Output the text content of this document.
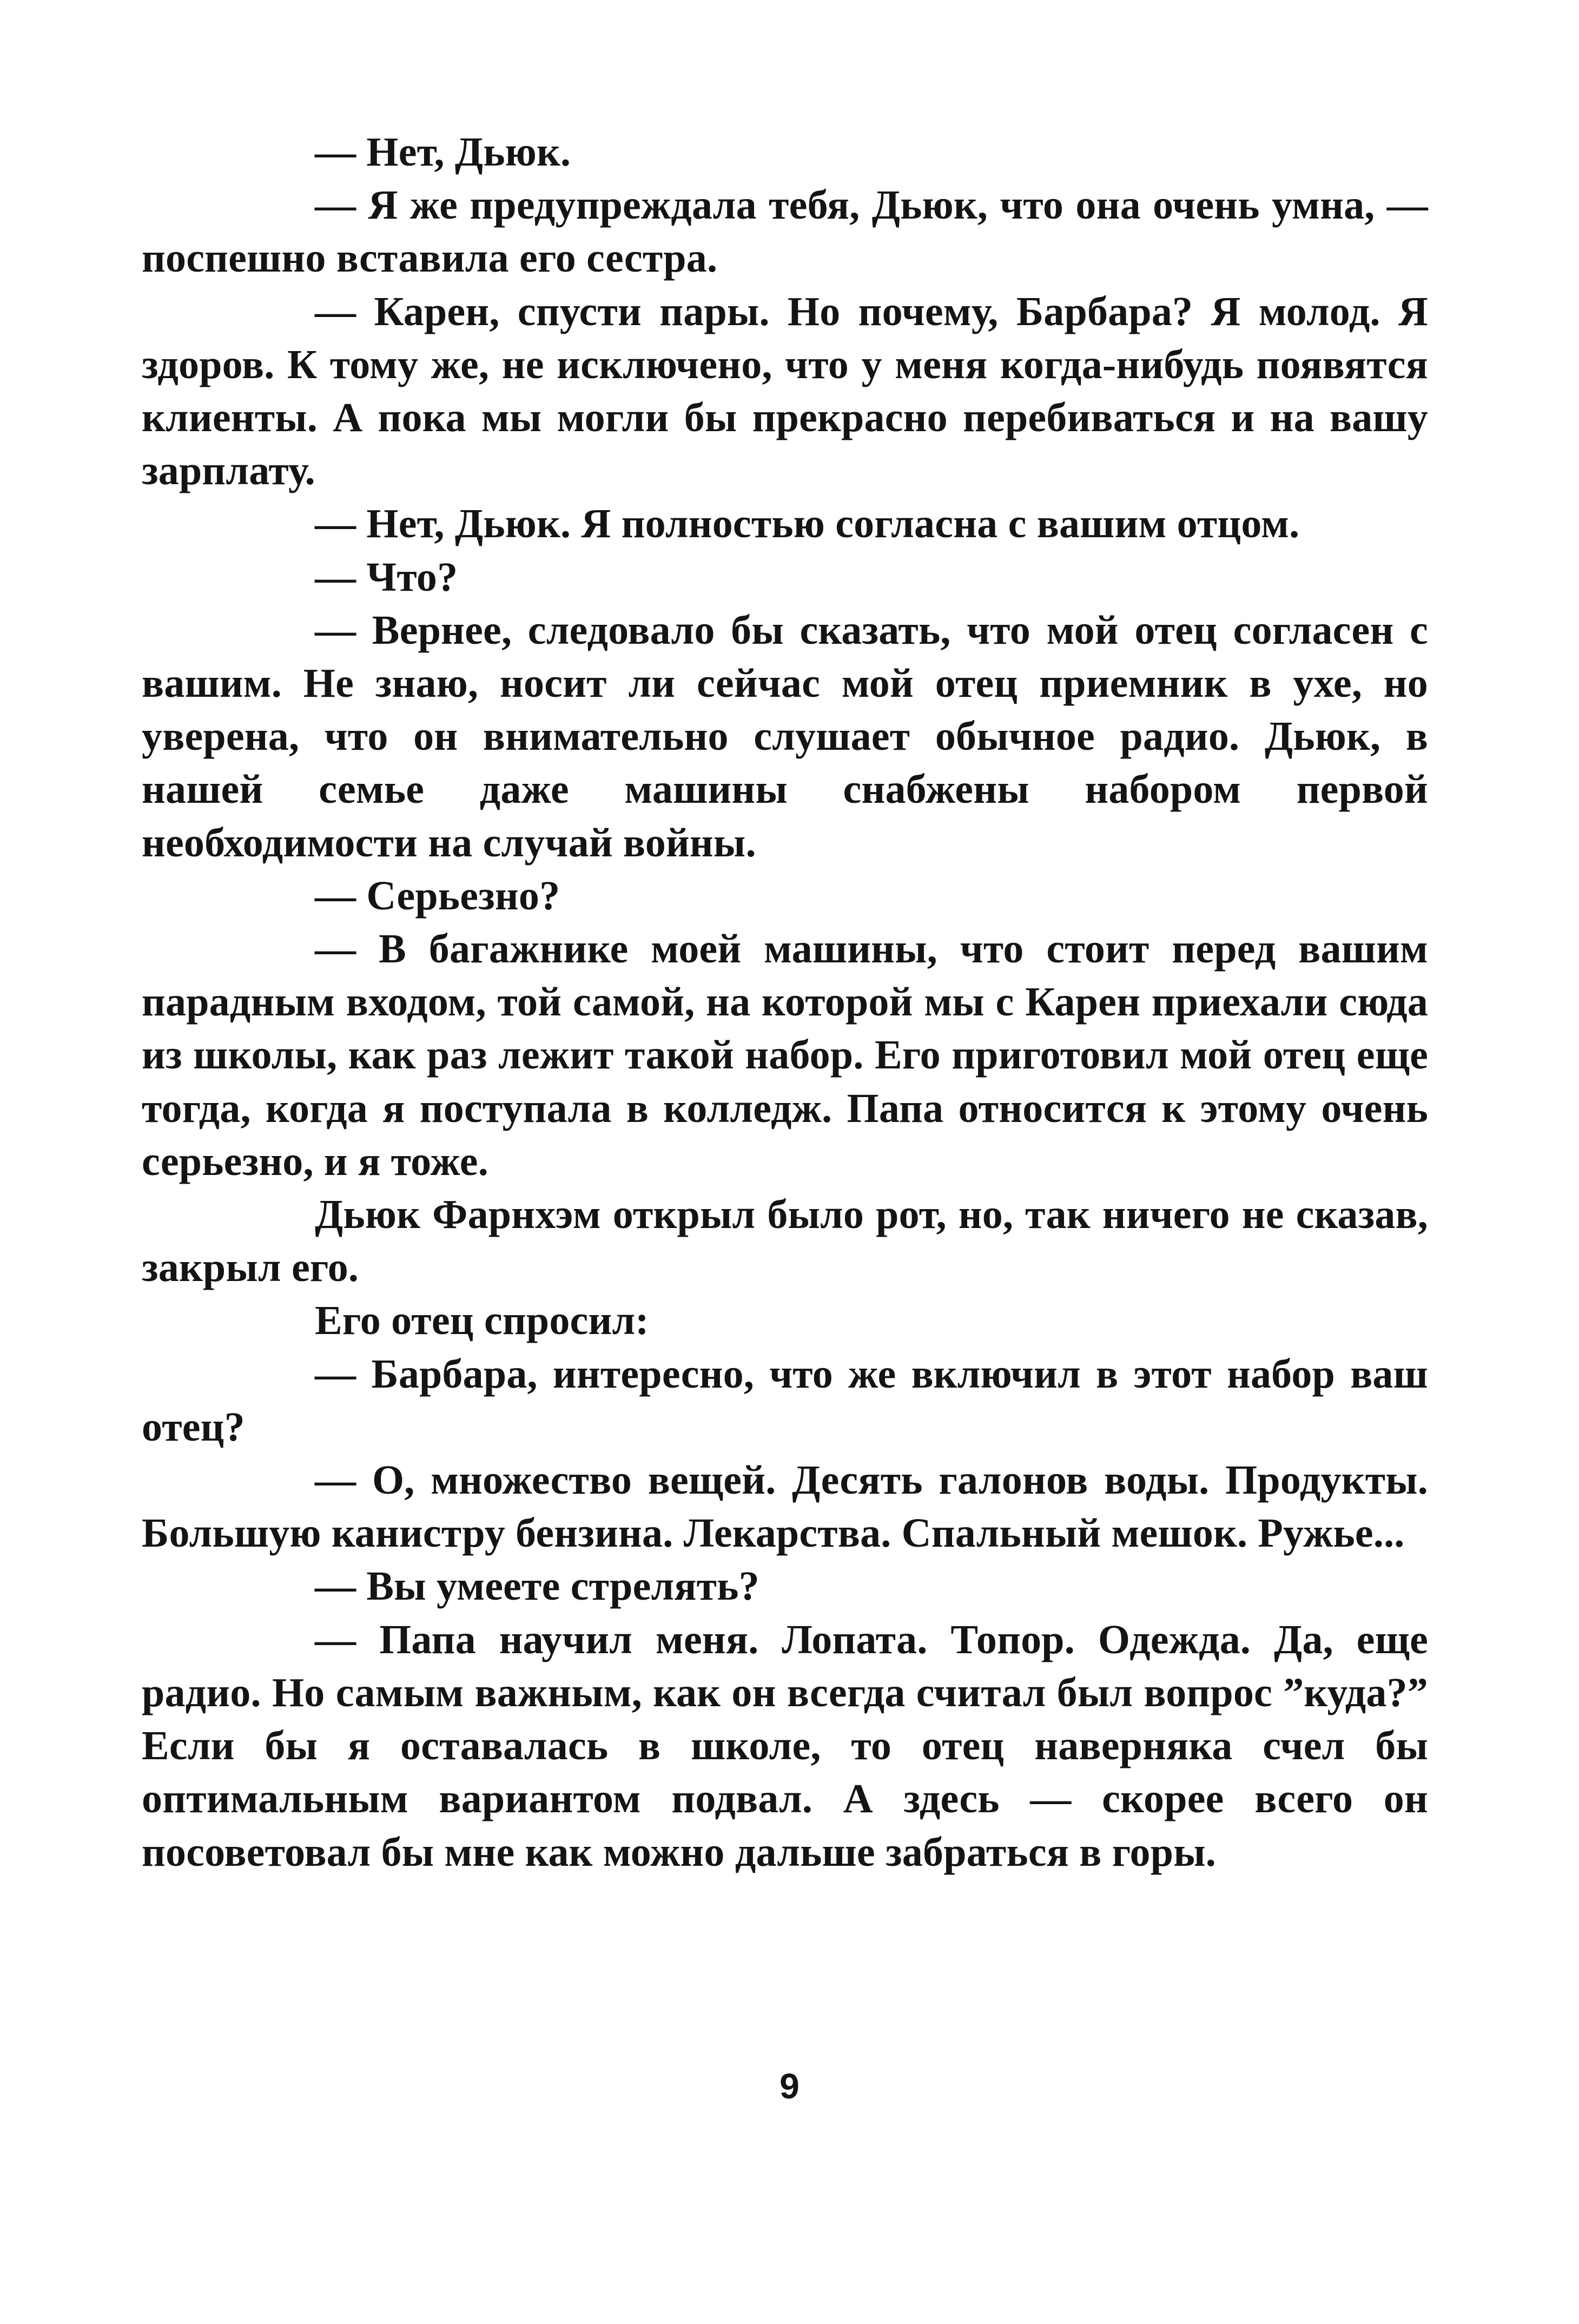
— Нет, Дьюк.

— Я же предупреждала тебя, Дьюк, что она очень умна, — поспешно вставила его сестра.

— Карен, спусти пары. Но почему, Барбара? Я молод. Я здоров. К тому же, не исключено, что у меня когда-нибудь появятся клиенты. А пока мы могли бы прекрасно перебиваться и на вашу зарплату.

— Нет, Дьюк. Я полностью согласна с вашим отцом.

— Что?

— Вернее, следовало бы сказать, что мой отец согласен с вашим. Не знаю, носит ли сейчас мой отец приемник в ухе, но уверена, что он внимательно слушает обычное радио. Дьюк, в нашей семье даже машины снабжены набором первой необходимости на случай войны.

— Серьезно?

— В багажнике моей машины, что стоит перед вашим парадным входом, той самой, на которой мы с Карен приехали сюда из школы, как раз лежит такой набор. Его приготовил мой отец еще тогда, когда я поступала в колледж. Папа относится к этому очень серьезно, и я тоже.

Дьюк Фарнхэм открыл было рот, но, так ничего не сказав, закрыл его.

Его отец спросил:

— Барбара, интересно, что же включил в этот набор ваш отец?

— О, множество вещей. Десять галонов воды. Продукты. Большую канистру бензина. Лекарства. Спальный мешок. Ружье...

— Вы умеете стрелять?

— Папа научил меня. Лопата. Топор. Одежда. Да, еще радио. Но самым важным, как он всегда считал был вопрос ”куда?” Если бы я оставалась в школе, то отец наверняка счел бы оптимальным вариантом подвал. А здесь — скорее всего он посоветовал бы мне как можно дальше забраться в горы.

9
